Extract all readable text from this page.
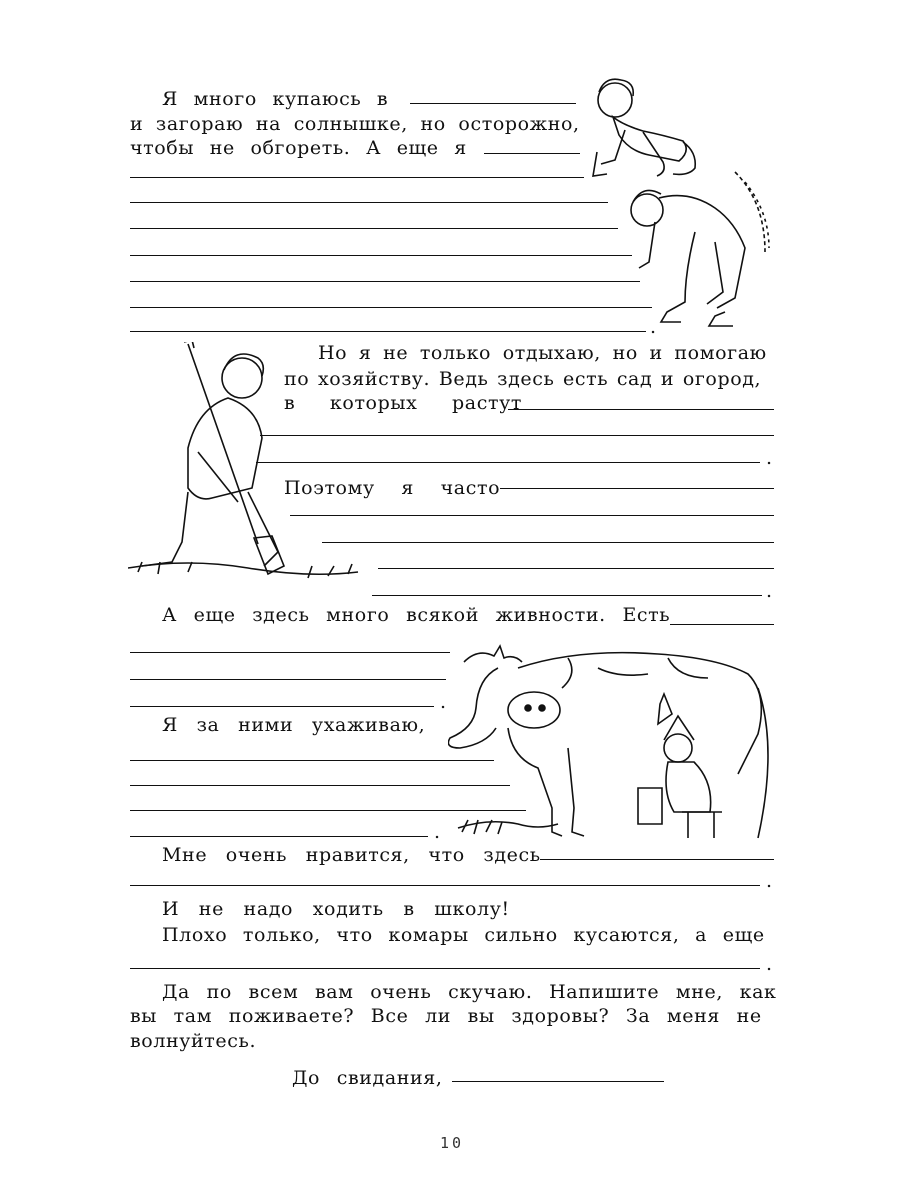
Я много купаюсь в
и загораю на солнышке, но осторожно,
чтобы не обгореть. А еще я
.
Но я не только отдыхаю, но и помогаю
по хозяйству. Ведь здесь есть сад и огород,
в которых растут
.
Поэтому я часто
.
А еще здесь много всякой живности. Есть
.
Я за ними ухаживаю,
.
Мне очень нравится, что здесь
.
И не надо ходить в школу!
Плохо только, что комары сильно кусаются, а еще
.
Да по всем вам очень скучаю. Напишите мне, как
вы там поживаете? Все ли вы здоровы? За меня не
волнуйтесь.
До свидания,
10
